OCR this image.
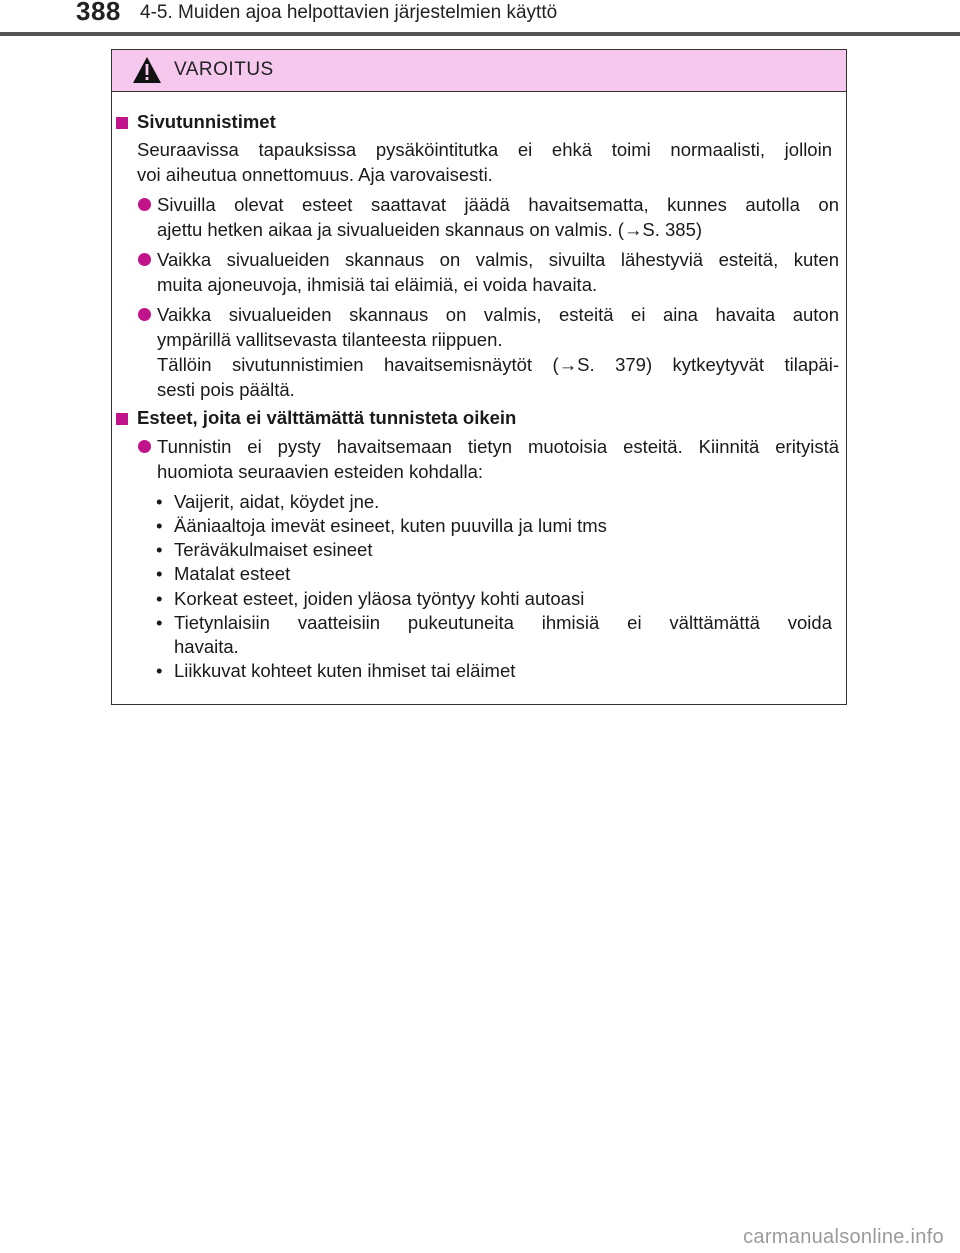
388 4-5. Muiden ajoa helpottavien järjestelmien käyttö
VAROITUS
Sivutunnistimet
Seuraavissa tapauksissa pysäköintitutka ei ehkä toimi normaalisti, jolloin
voi aiheutua onnettomuus. Aja varovaisesti.
Sivuilla olevat esteet saattavat jäädä havaitsematta, kunnes autolla on
ajettu hetken aikaa ja sivualueiden skannaus on valmis. (→S. 385)
Vaikka sivualueiden skannaus on valmis, sivuilta lähestyviä esteitä, kuten
muita ajoneuvoja, ihmisiä tai eläimiä, ei voida havaita.
Vaikka sivualueiden skannaus on valmis, esteitä ei aina havaita auton
ympärillä vallitsevasta tilanteesta riippuen.
Tällöin sivutunnistimien havaitsemisnäytöt (→S. 379) kytkeytyvät tilapäi-
sesti pois päältä.
Esteet, joita ei välttämättä tunnisteta oikein
Tunnistin ei pysty havaitsemaan tietyn muotoisia esteitä. Kiinnitä erityistä
huomiota seuraavien esteiden kohdalla:
• Vaijerit, aidat, köydet jne.
• Ääniaaltoja imevät esineet, kuten puuvilla ja lumi tms
• Teräväkulmaiset esineet
• Matalat esteet
• Korkeat esteet, joiden yläosa työntyy kohti autoasi
• Tietynlaisiin vaatteisiin pukeutuneita ihmisiä ei välttämättä voida
havaita.
• Liikkuvat kohteet kuten ihmiset tai eläimet
carmanualsonline.info
